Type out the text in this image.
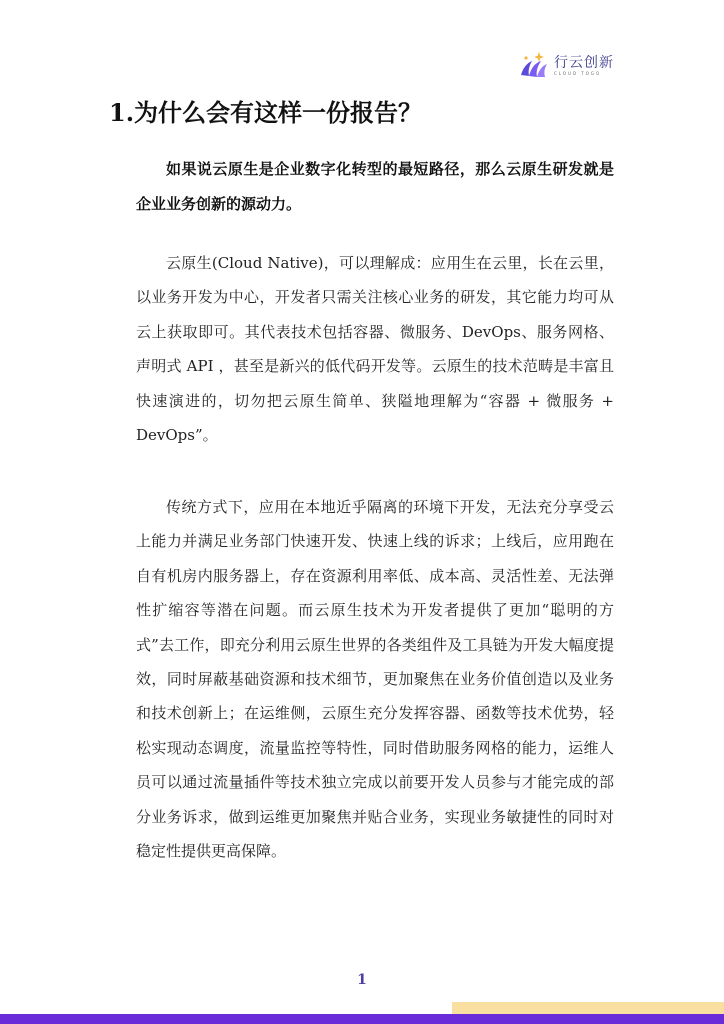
行云创新
CLOUD TOGO
1.为什么会有这样一份报告？

如果说云原生是企业数字化转型的最短路径，那么云原生研发就是企业业务创新的源动力。

云原生(Cloud Native)，可以理解成：应用生在云里，长在云里，以业务开发为中心，开发者只需关注核心业务的研发，其它能力均可从云上获取即可。其代表技术包括容器、微服务、DevOps、服务网格、声明式 API ，甚至是新兴的低代码开发等。云原生的技术范畴是丰富且快速演进的，切勿把云原生简单、狭隘地理解为“容器 + 微服务 + DevOps”。

传统方式下，应用在本地近乎隔离的环境下开发，无法充分享受云上能力并满足业务部门快速开发、快速上线的诉求；上线后，应用跑在自有机房内服务器上，存在资源利用率低、成本高、灵活性差、无法弹性扩缩容等潜在问题。而云原生技术为开发者提供了更加“聪明的方式”去工作，即充分利用云原生世界的各类组件及工具链为开发大幅度提效，同时屏蔽基础资源和技术细节，更加聚焦在业务价值创造以及业务和技术创新上；在运维侧，云原生充分发挥容器、函数等技术优势，轻松实现动态调度，流量监控等特性，同时借助服务网格的能力，运维人员可以通过流量插件等技术独立完成以前要开发人员参与才能完成的部分业务诉求，做到运维更加聚焦并贴合业务，实现业务敏捷性的同时对稳定性提供更高保障。

1
